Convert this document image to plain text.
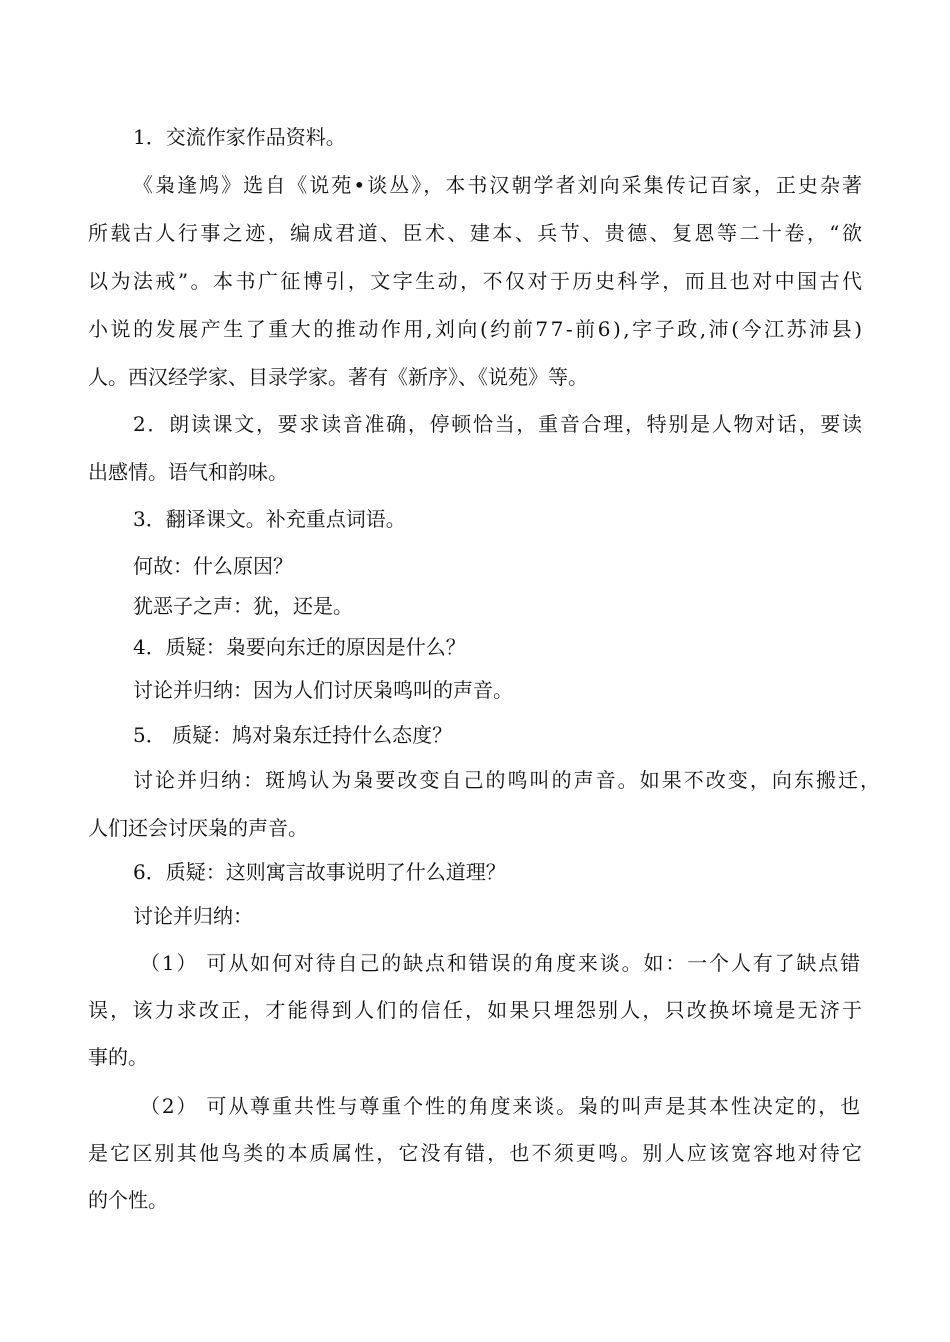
1．交流作家作品资料。
《枭逢鸠》选自《说苑•谈丛》，本书汉朝学者刘向采集传记百家，正史杂著
所载古人行事之迹，编成君道、臣术、建本、兵节、贵德、复恩等二十卷，“欲
以为法戒”。本书广征博引，文字生动，不仅对于历史科学，而且也对中国古代
小说的发展产生了重大的推动作用,刘向(约前77-前6),字子政,沛(今江苏沛县)
人。西汉经学家、目录学家。著有《新序》、《说苑》等。
2．朗读课文，要求读音准确，停顿恰当，重音合理，特别是人物对话，要读
出感情。语气和韵味。
3．翻译课文。补充重点词语。
何故：什么原因？
犹恶子之声：犹，还是。
4．质疑：枭要向东迁的原因是什么？
讨论并归纳：因为人们讨厌枭鸣叫的声音。
5． 质疑：鸠对枭东迁持什么态度？
讨论并归纳：斑鸠认为枭要改变自己的鸣叫的声音。如果不改变，向东搬迁，
人们还会讨厌枭的声音。
6．质疑：这则寓言故事说明了什么道理？
讨论并归纳：
（1） 可从如何对待自己的缺点和错误的角度来谈。如：一个人有了缺点错
误，该力求改正，才能得到人们的信任，如果只埋怨别人，只改换坏境是无济于
事的。
（2） 可从尊重共性与尊重个性的角度来谈。枭的叫声是其本性决定的，也
是它区别其他鸟类的本质属性，它没有错，也不须更鸣。别人应该宽容地对待它
的个性。
